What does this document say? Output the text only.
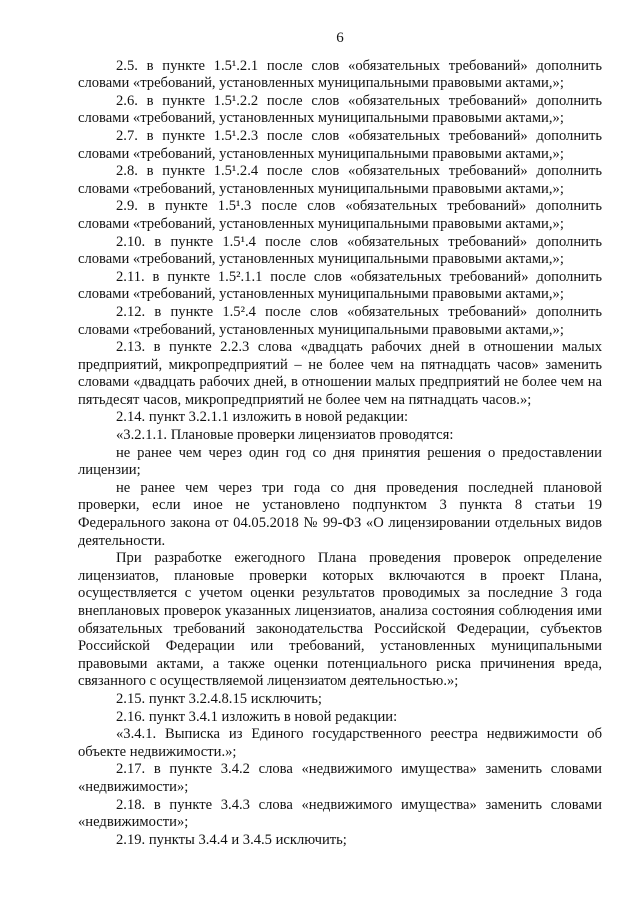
6

2.5. в пункте 1.5¹.2.1 после слов «обязательных требований» дополнить словами «требований, установленных муниципальными правовыми актами,»;

2.6. в пункте 1.5¹.2.2 после слов «обязательных требований» дополнить словами «требований, установленных муниципальными правовыми актами,»;

2.7. в пункте 1.5¹.2.3 после слов «обязательных требований» дополнить словами «требований, установленных муниципальными правовыми актами,»;

2.8. в пункте 1.5¹.2.4 после слов «обязательных требований» дополнить словами «требований, установленных муниципальными правовыми актами,»;

2.9. в пункте 1.5¹.3 после слов «обязательных требований» дополнить словами «требований, установленных муниципальными правовыми актами,»;

2.10. в пункте 1.5¹.4 после слов «обязательных требований» дополнить словами «требований, установленных муниципальными правовыми актами,»;

2.11. в пункте 1.5².1.1 после слов «обязательных требований» дополнить словами «требований, установленных муниципальными правовыми актами,»;

2.12. в пункте 1.5².4 после слов «обязательных требований» дополнить словами «требований, установленных муниципальными правовыми актами,»;

2.13. в пункте 2.2.3 слова «двадцать рабочих дней в отношении малых предприятий, микропредприятий – не более чем на пятнадцать часов» заменить словами «двадцать рабочих дней, в отношении малых предприятий не более чем на пятьдесят часов, микропредприятий не более чем на пятнадцать часов.»;

2.14. пункт 3.2.1.1 изложить в новой редакции:

«3.2.1.1. Плановые проверки лицензиатов проводятся:

не ранее чем через один год со дня принятия решения о предоставлении лицензии;

не ранее чем через три года со дня проведения последней плановой проверки, если иное не установлено подпунктом 3 пункта 8 статьи 19 Федерального закона от 04.05.2018 № 99-ФЗ «О лицензировании отдельных видов деятельности.

При разработке ежегодного Плана проведения проверок определение лицензиатов, плановые проверки которых включаются в проект Плана, осуществляется с учетом оценки результатов проводимых за последние 3 года внеплановых проверок указанных лицензиатов, анализа состояния соблюдения ими обязательных требований законодательства Российской Федерации, субъектов Российской Федерации или требований, установленных муниципальными правовыми актами, а также оценки потенциального риска причинения вреда, связанного с осуществляемой лицензиатом деятельностью.»;

2.15. пункт 3.2.4.8.15 исключить;

2.16. пункт 3.4.1 изложить в новой редакции:

«3.4.1. Выписка из Единого государственного реестра недвижимости об объекте недвижимости.»;

2.17. в пункте 3.4.2 слова «недвижимого имущества» заменить словами «недвижимости»;

2.18. в пункте 3.4.3 слова «недвижимого имущества» заменить словами «недвижимости»;

2.19. пункты 3.4.4 и 3.4.5 исключить;
